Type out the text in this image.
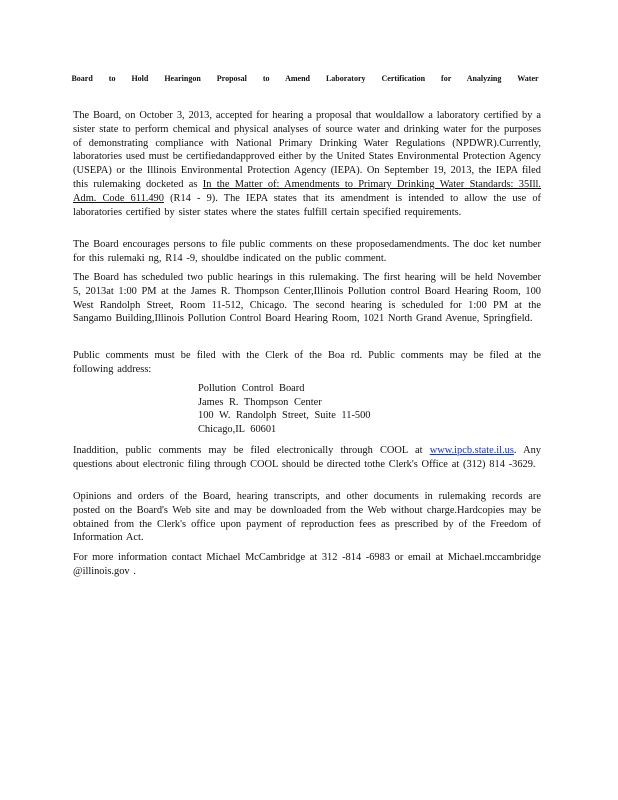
Board to Hold Hearingon Proposal to Amend Laboratory Certification for Analyzing Water

The Board, on October 3, 2013, accepted for hearing a proposal that wouldallow a laboratory certified by a sister state to perform chemical and physical analyses of source water and drinking water for the purposes of demonstrating compliance with National Primary Drinking Water Regulations (NPDWR).Currently, laboratories used must be certifiedandapproved either by the United States Environmental Protection Agency (USEPA) or the Illinois Environmental Protection Agency (IEPA). On September 19, 2013, the IEPA filed this rulemaking docketed as In the Matter of: Amendments to Primary Drinking Water Standards: 35Ill. Adm. Code 611.490 (R14 - 9). The IEPA states that its amendment is intended to allow the use of laboratories certified by sister states where the states fulfill certain specified requirements.

The Board encourages persons to file public comments on these proposedamendments. The doc ket number for this rulemaki ng, R14 -9, shouldbe indicated on the public comment.

The Board has scheduled two public hearings in this rulemaking. The first hearing will be held November 5, 2013at 1:00 PM at the James R. Thompson Center,Illinois Pollution control Board Hearing Room, 100 West Randolph Street, Room 11-512, Chicago. The second hearing is scheduled for 1:00 PM at the Sangamo Building,Illinois Pollution Control Board Hearing Room, 1021 North Grand Avenue, Springfield.

Public comments must be filed with the Clerk of the Boa rd. Public comments may be filed at the following address:

Pollution Control Board
James R. Thompson Center
100 W. Randolph Street, Suite 11-500
Chicago,IL 60601

Inaddition, public comments may be filed electronically through COOL at www.ipcb.state.il.us. Any questions about electronic filing through COOL should be directed tothe Clerk's Office at (312) 814 -3629.

Opinions and orders of the Board, hearing transcripts, and other documents in rulemaking records are posted on the Board's Web site and may be downloaded from the Web without charge.Hardcopies may be obtained from the Clerk's office upon payment of reproduction fees as prescribed by of the Freedom of Information Act.

For more information contact Michael McCambridge at 312 -814 -6983 or email at Michael.mccambridge @illinois.gov .
